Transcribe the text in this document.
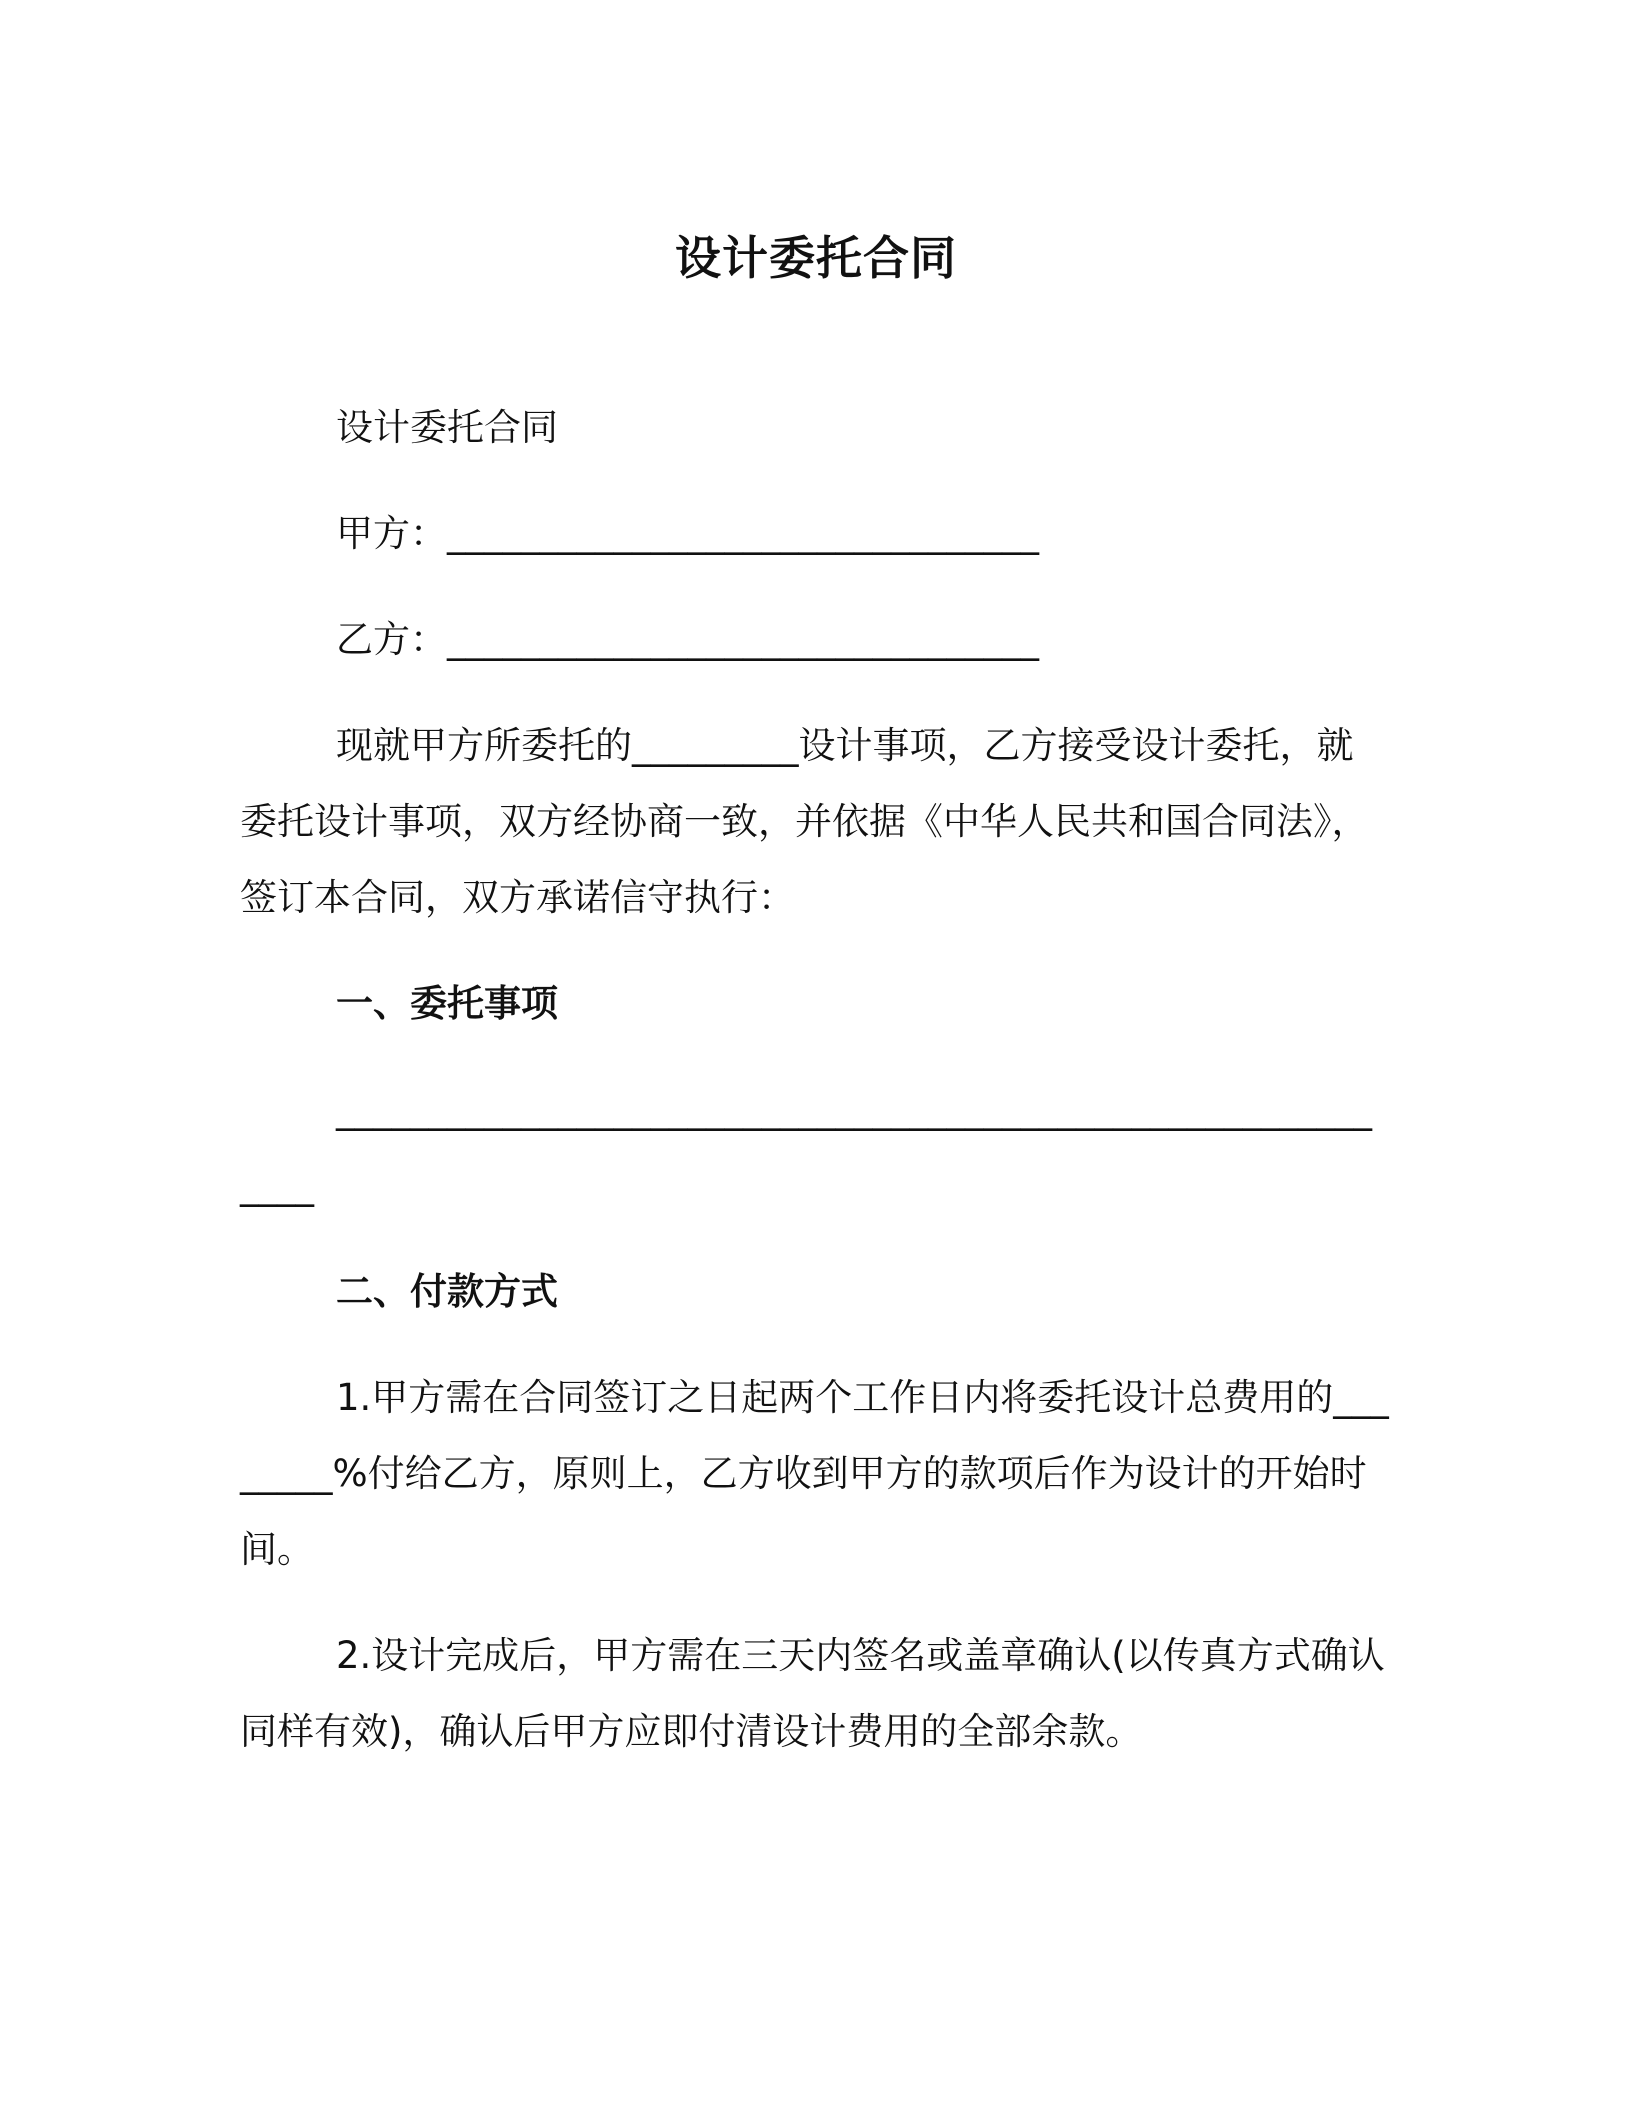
设计委托合同

设计委托合同

甲方：________________________________

乙方：________________________________

现就甲方所委托的_________设计事项，乙方接受设计委托，就委托设计事项，双方经协商一致，并依据《中华人民共和国合同法》，签订本合同，双方承诺信守执行：

一、委托事项

____________________________________________________________

二、付款方式

1.甲方需在合同签订之日起两个工作日内将委托设计总费用的________%付给乙方，原则上，乙方收到甲方的款项后作为设计的开始时间。

2.设计完成后，甲方需在三天内签名或盖章确认(以传真方式确认同样有效)，确认后甲方应即付清设计费用的全部余款。
